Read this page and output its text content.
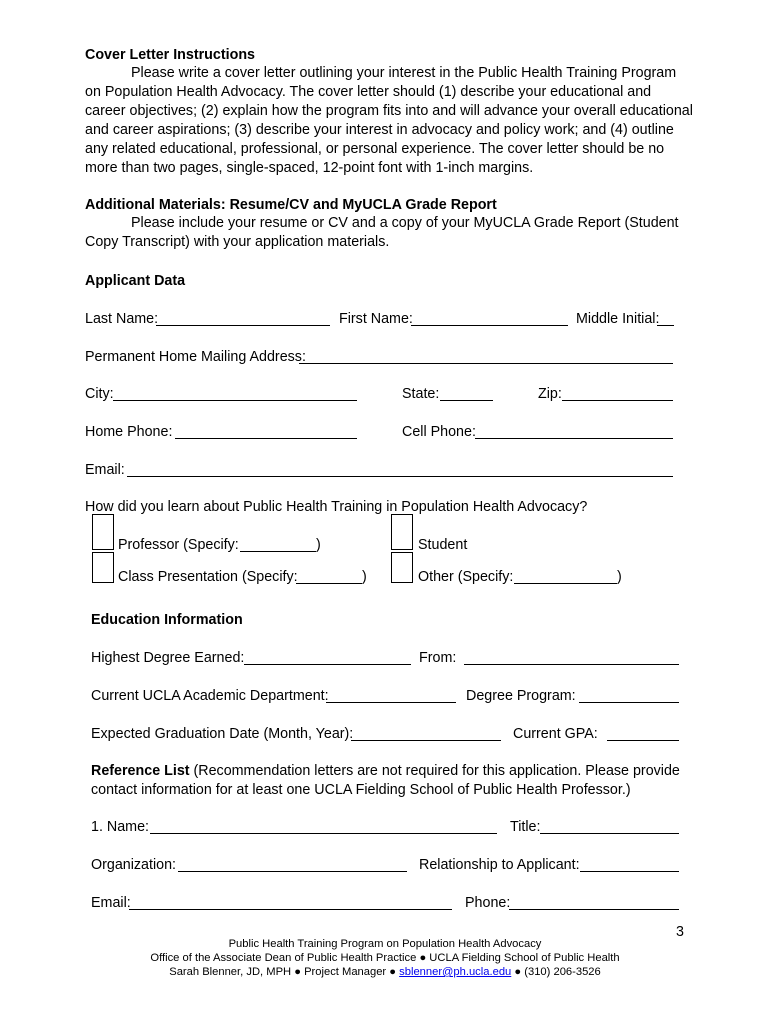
Cover Letter Instructions
Please write a cover letter outlining your interest in the Public Health Training Program on Population Health Advocacy. The cover letter should (1) describe your educational and career objectives; (2) explain how the program fits into and will advance your overall educational and career aspirations; (3) describe your interest in advocacy and policy work; and (4) outline any related educational, professional, or personal experience. The cover letter should be no more than two pages, single-spaced, 12-point font with 1-inch margins.
Additional Materials: Resume/CV and MyUCLA Grade Report
Please include your resume or CV and a copy of your MyUCLA Grade Report (Student Copy Transcript) with your application materials.
Applicant Data
Last Name:	First Name:	Middle Initial:
Permanent Home Mailing Address:
City:	State:	Zip:
Home Phone:	Cell Phone:
Email:
How did you learn about Public Health Training in Population Health Advocacy?
Professor (Specify:	)	Student
Class Presentation (Specify:	)	Other (Specify:	)
Education Information
Highest Degree Earned:	From:
Current UCLA Academic Department:	Degree Program:
Expected Graduation Date (Month, Year):	Current GPA:
Reference List (Recommendation letters are not required for this application. Please provide contact information for at least one UCLA Fielding School of Public Health Professor.)
1. Name:	Title:
Organization:	Relationship to Applicant:
Email:	Phone:
3
Public Health Training Program on Population Health Advocacy
Office of the Associate Dean of Public Health Practice ● UCLA Fielding School of Public Health
Sarah Blenner, JD, MPH ● Project Manager ● sblenner@ph.ucla.edu ● (310) 206-3526
